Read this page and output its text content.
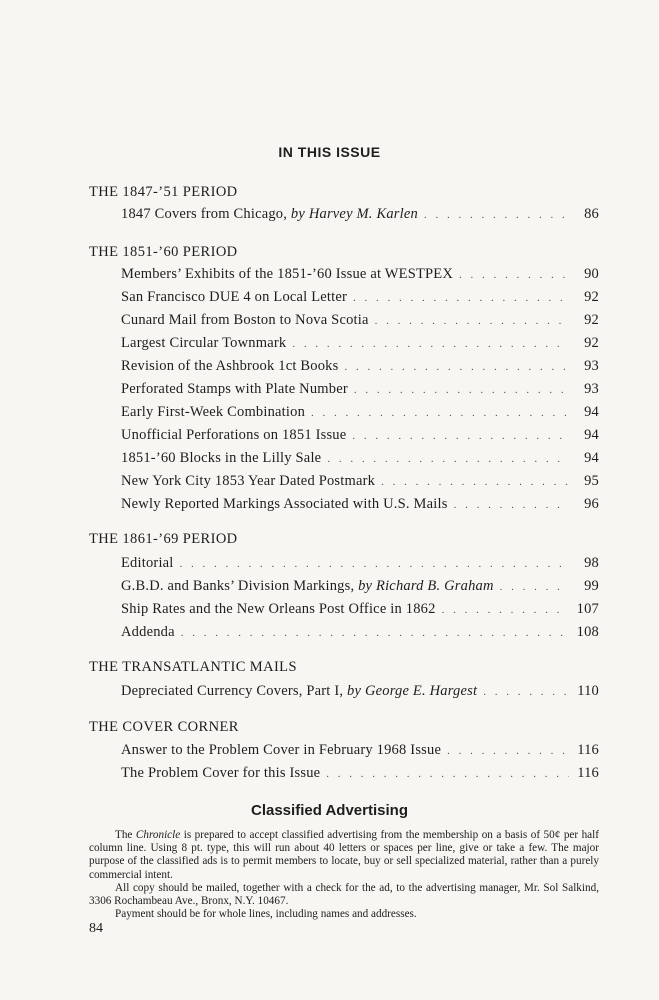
IN THIS ISSUE
THE 1847-’51 PERIOD
1847 Covers from Chicago, by Harvey M. Karlen . . .	86
THE 1851-’60 PERIOD
Members’ Exhibits of the 1851-’60 Issue at WESTPEX . . .	90
San Francisco DUE 4 on Local Letter . . .	92
Cunard Mail from Boston to Nova Scotia . . .	92
Largest Circular Townmark . . .	92
Revision of the Ashbrook 1ct Books . . .	93
Perforated Stamps with Plate Number . . .	93
Early First-Week Combination . . .	94
Unofficial Perforations on 1851 Issue . . .	94
1851-’60 Blocks in the Lilly Sale . . .	94
New York City 1853 Year Dated Postmark . . .	95
Newly Reported Markings Associated with U.S. Mails . . .	96
THE 1861-’69 PERIOD
Editorial . . .	98
G.B.D. and Banks’ Division Markings, by Richard B. Graham . . .	99
Ship Rates and the New Orleans Post Office in 1862 . . .	107
Addenda . . .	108
THE TRANSATLANTIC MAILS
Depreciated Currency Covers, Part I, by George E. Hargest . . .	110
THE COVER CORNER
Answer to the Problem Cover in February 1968 Issue . . .	116
The Problem Cover for this Issue . . .	116
Classified Advertising

The Chronicle is prepared to accept classified advertising from the membership on a basis of 50¢ per half column line. Using 8 pt. type, this will run about 40 letters or spaces per line, give or take a few. The major purpose of the classified ads is to permit members to locate, buy or sell specialized material, rather than a purely commercial intent.

All copy should be mailed, together with a check for the ad, to the advertising manager, Mr. Sol Salkind, 3306 Rochambeau Ave., Bronx, N.Y. 10467.

Payment should be for whole lines, including names and addresses.

84
